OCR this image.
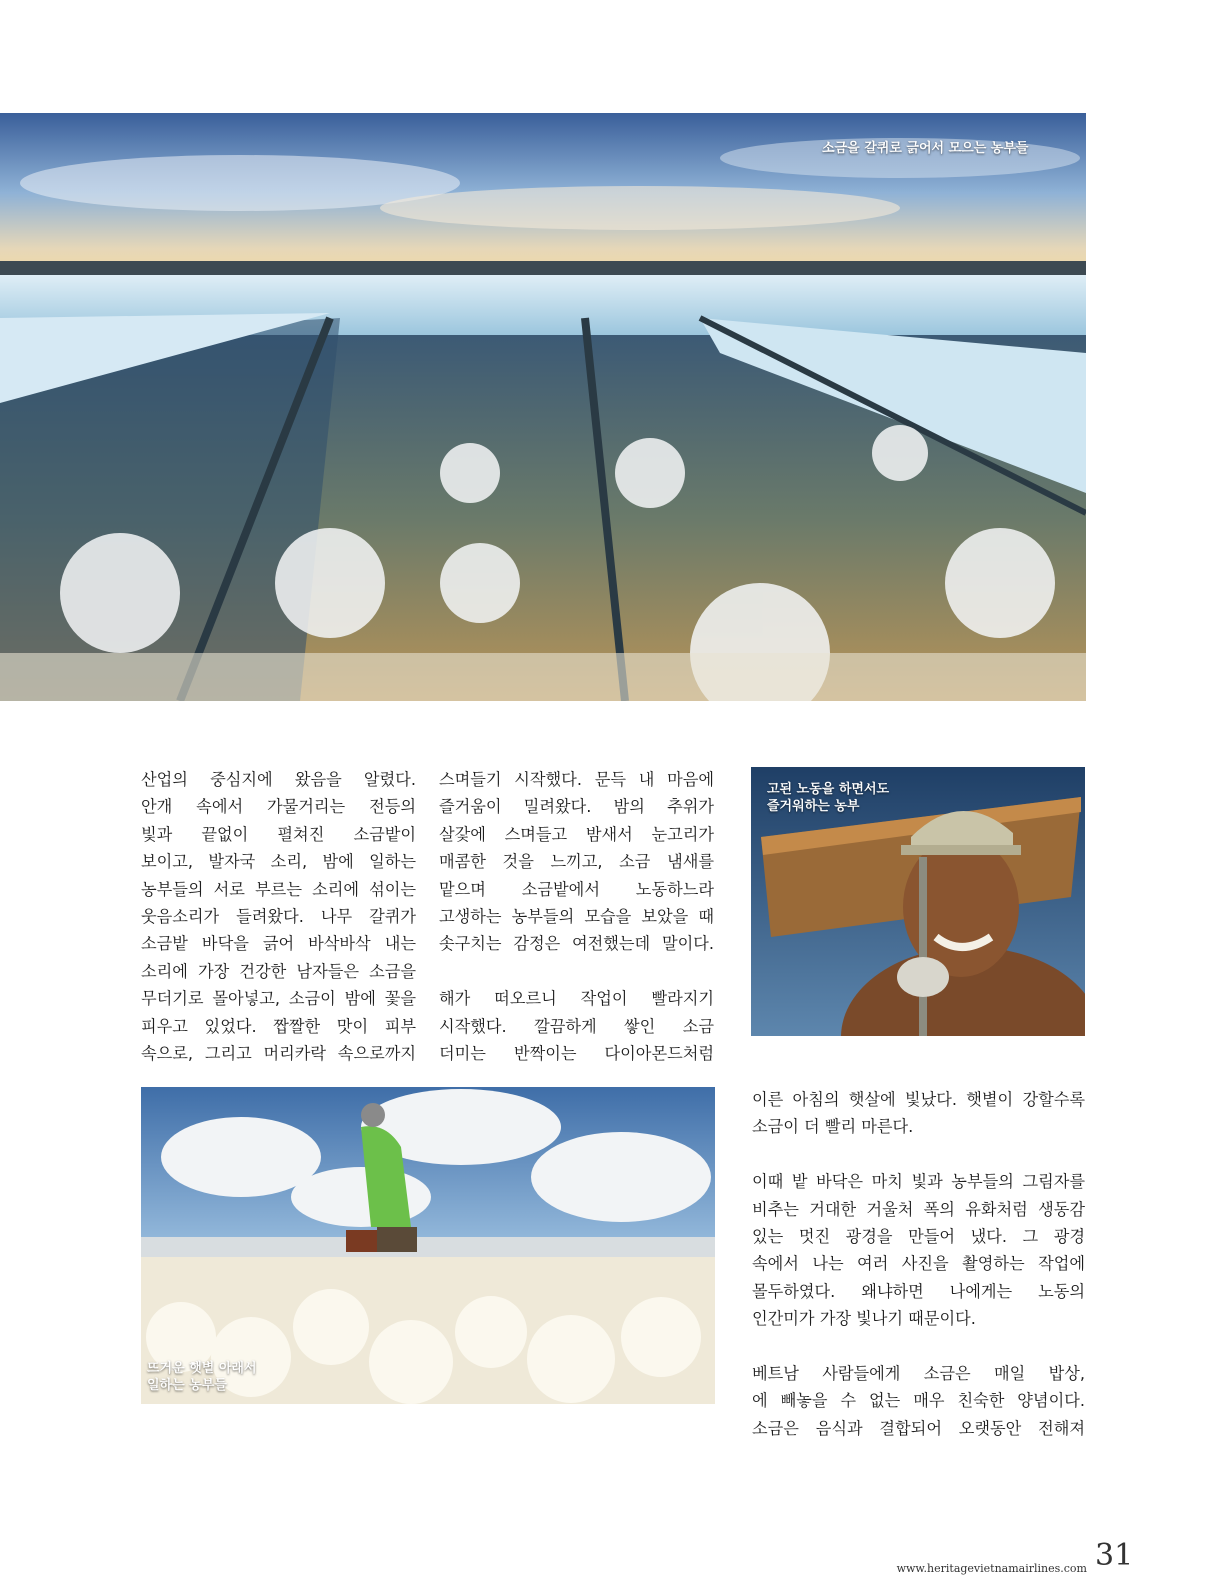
소금을 갈퀴로 긁어서 모으는 농부들

산업의 중심지에 왔음을 알렸다.

안개 속에서 가물거리는 전등의

빛과 끝없이 펼쳐진 소금밭이

보이고, 발자국 소리, 밤에 일하는

농부들의 서로 부르는 소리에 섞이는

웃음소리가 들려왔다. 나무 갈퀴가

소금밭 바닥을 긁어 바삭바삭 내는

소리에 가장 건강한 남자들은 소금을

무더기로 몰아넣고, 소금이 밤에 꽃을

피우고 있었다. 짭짤한 맛이 피부

속으로, 그리고 머리카락 속으로까지

스며들기 시작했다. 문득 내 마음에

즐거움이 밀려왔다. 밤의 추위가

살갗에 스며들고 밤새서 눈고리가

매콤한 것을 느끼고, 소금 냄새를

맡으며 소금밭에서 노동하느라

고생하는 농부들의 모습을 보았을 때

솟구치는 감정은 여전했는데 말이다.

해가 떠오르니 작업이 빨라지기

시작했다. 깔끔하게 쌓인 소금

더미는 반짝이는 다이아몬드처럼

고된 노동을 하면서도
즐거워하는 농부
뜨거운 햇볕 아래서
일하는 농부들

이른 아침의 햇살에 빛났다. 햇볕이 강할수록

소금이 더 빨리 마른다.

이때 밭 바닥은 마치 빛과 농부들의 그림자를

비추는 거대한 거울처 폭의 유화처럼 생동감

있는 멋진 광경을 만들어 냈다. 그 광경

속에서 나는 여러 사진을 촬영하는 작업에

몰두하였다. 왜냐하면 나에게는 노동의

인간미가 가장 빛나기 때문이다.

베트남 사람들에게 소금은 매일 밥상,

에 빼놓을 수 없는 매우 친숙한 양념이다.

소금은 음식과 결합되어 오랫동안 전해져

www.heritagevietnamairlines.com 31
